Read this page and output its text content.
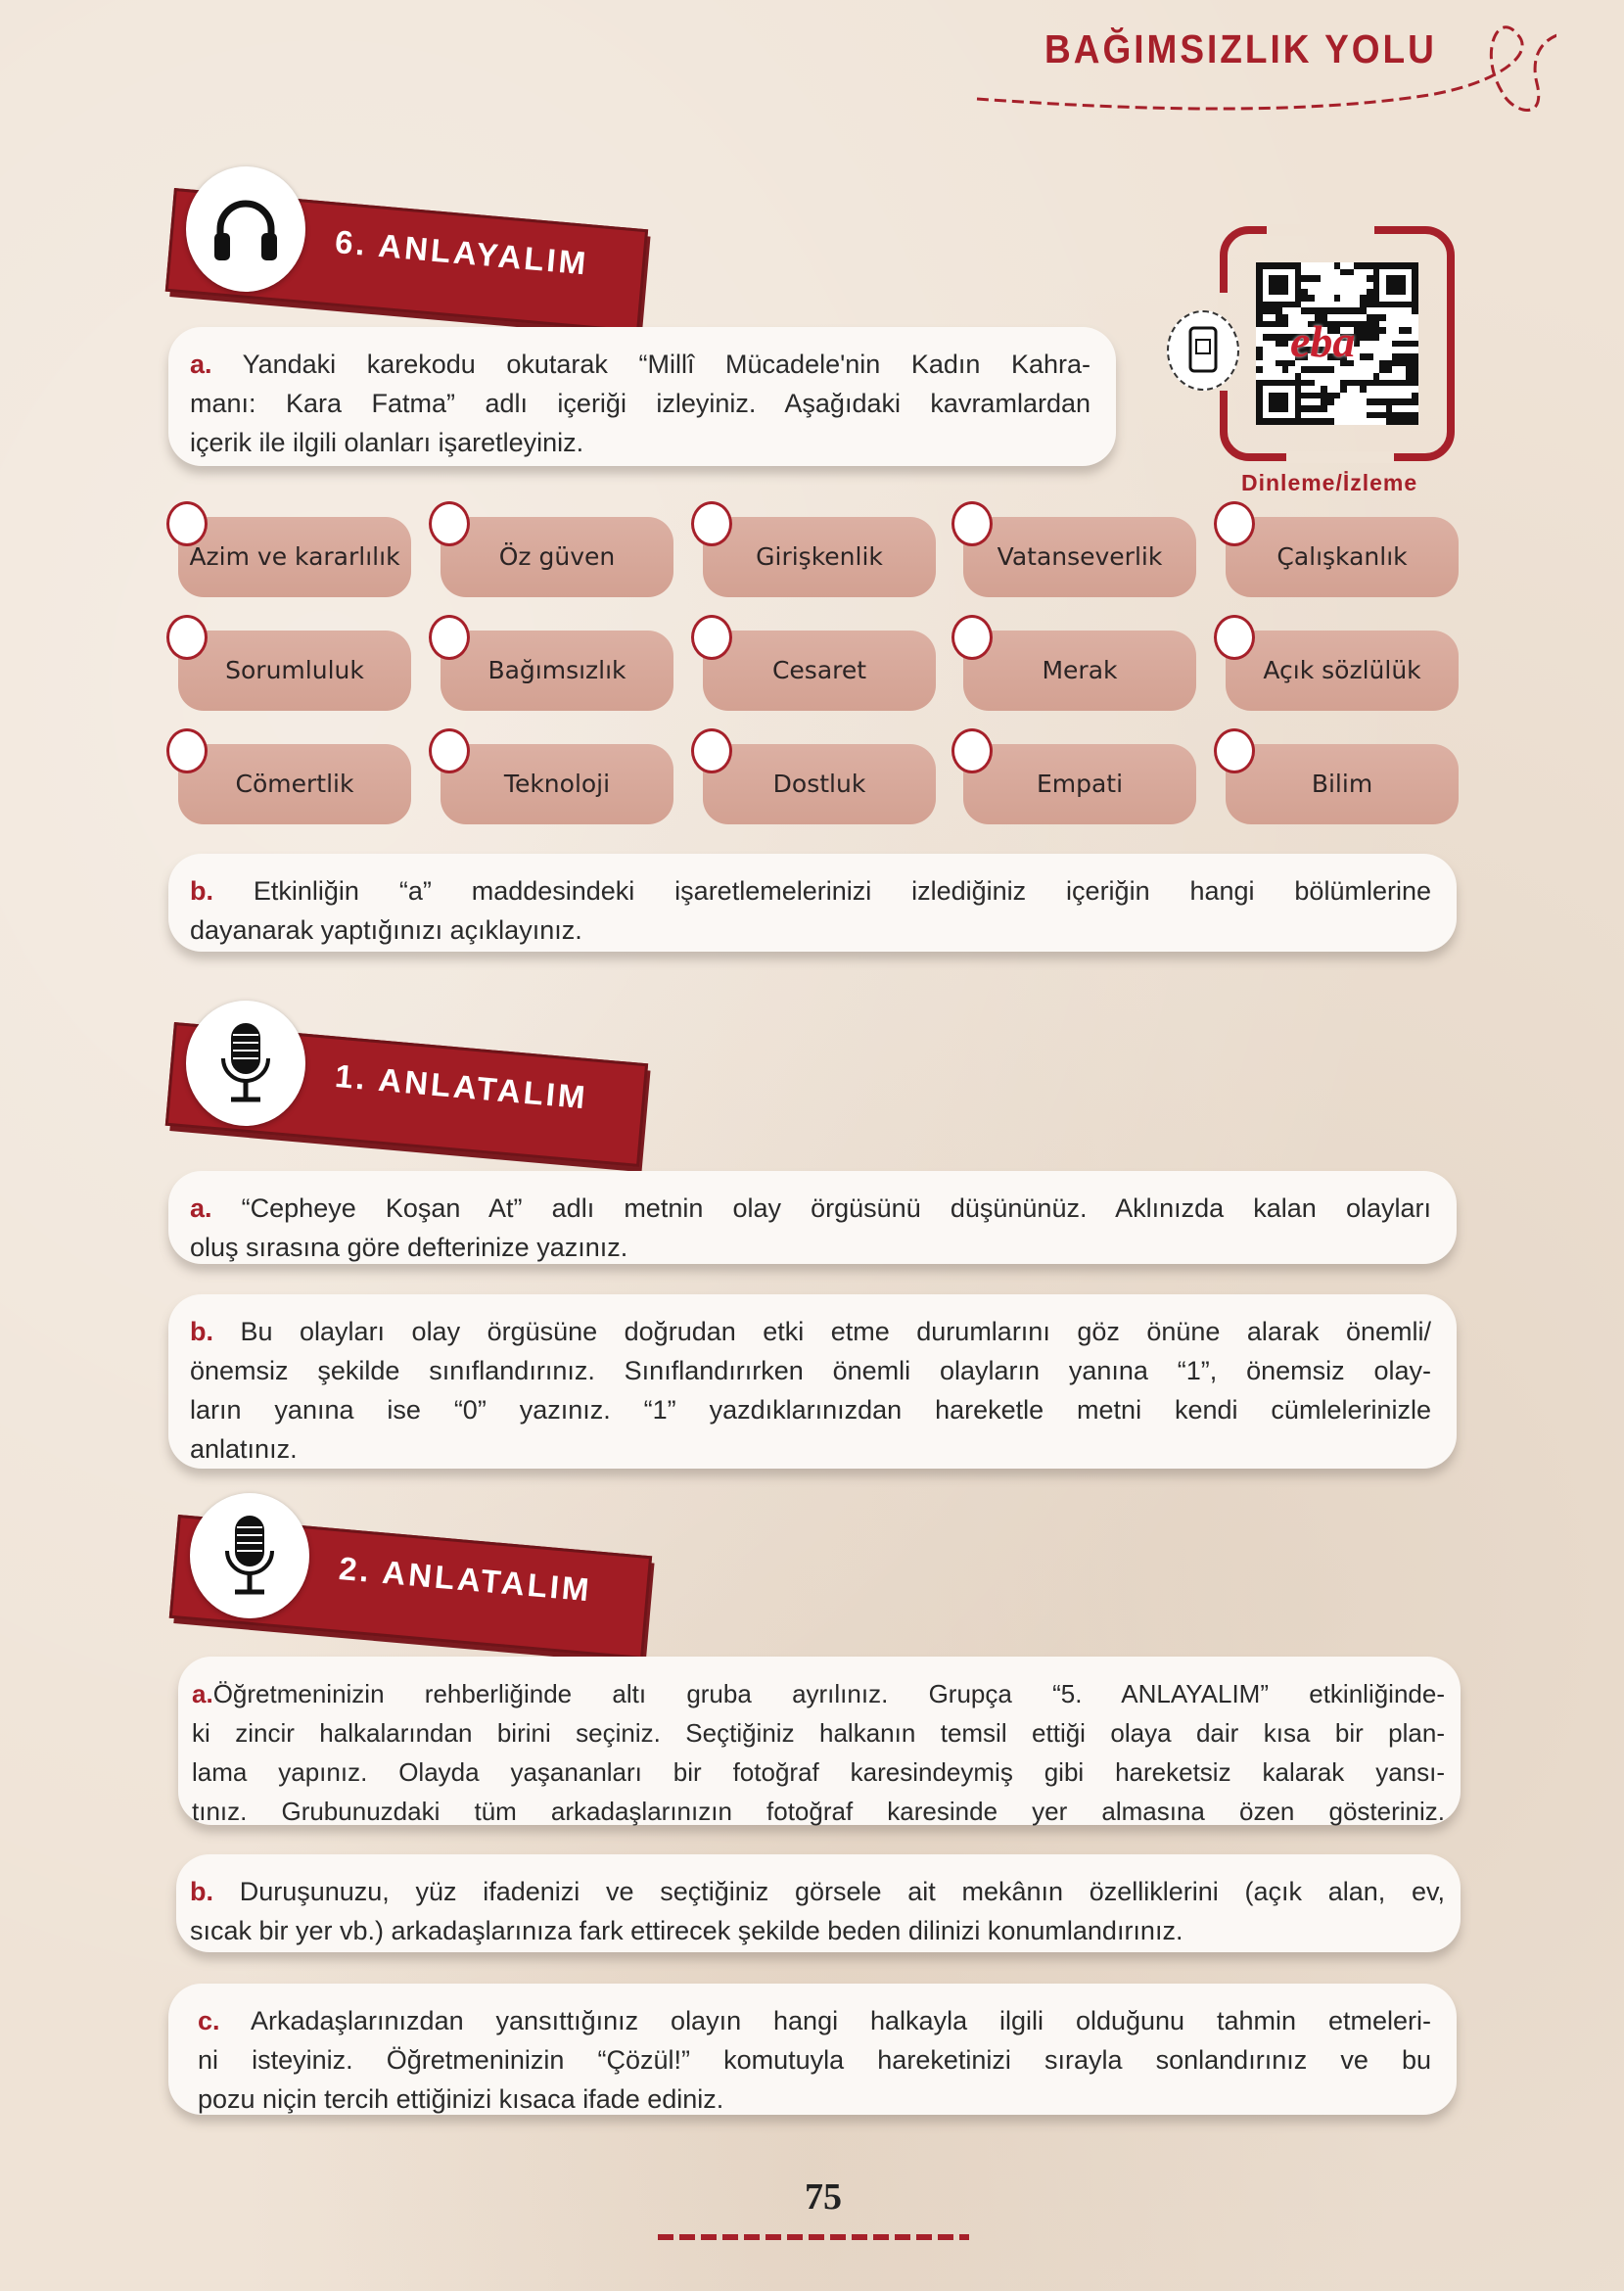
BAĞIMSIZLIK YOLU
6. ANLAYALIM
eba
Dinleme/İzleme
a. Yandaki karekodu okutarak “Millî Mücadele'nin Kadın Kahra-
manı: Kara Fatma” adlı içeriği izleyiniz. Aşağıdaki kavramlardan
içerik ile ilgili olanları işaretleyiniz.
Azim ve kararlılık	Öz güven	Girişkenlik	Vatanseverlik	Çalışkanlık
Sorumluluk	Bağımsızlık	Cesaret	Merak	Açık sözlülük
Cömertlik	Teknoloji	Dostluk	Empati	Bilim
b. Etkinliğin “a” maddesindeki işaretlemelerinizi izlediğiniz içeriğin hangi bölümlerine
dayanarak yaptığınızı açıklayınız.
1. ANLATALIM
a. “Cepheye Koşan At” adlı metnin olay örgüsünü düşününüz. Aklınızda kalan olayları
oluş sırasına göre defterinize yazınız.
b. Bu olayları olay örgüsüne doğrudan etki etme durumlarını göz önüne alarak önemli/
önemsiz şekilde sınıflandırınız. Sınıflandırırken önemli olayların yanına “1”, önemsiz olay-
ların yanına ise “0” yazınız. “1” yazdıklarınızdan hareketle metni kendi cümlelerinizle
anlatınız.
2. ANLATALIM
a.Öğretmeninizin rehberliğinde altı gruba ayrılınız. Grupça “5. ANLAYALIM” etkinliğinde-
ki zincir halkalarından birini seçiniz. Seçtiğiniz halkanın temsil ettiği olaya dair kısa bir plan-
lama yapınız. Olayda yaşananları bir fotoğraf karesindeymiş gibi hareketsiz kalarak yansı-
tınız. Grubunuzdaki tüm arkadaşlarınızın fotoğraf karesinde yer almasına özen gösteriniz.
b. Duruşunuzu, yüz ifadenizi ve seçtiğiniz görsele ait mekânın özelliklerini (açık alan, ev,
sıcak bir yer vb.) arkadaşlarınıza fark ettirecek şekilde beden dilinizi konumlandırınız.
c. Arkadaşlarınızdan yansıttığınız olayın hangi halkayla ilgili olduğunu tahmin etmeleri-
ni isteyiniz. Öğretmeninizin “Çözül!” komutuyla hareketinizi sırayla sonlandırınız ve bu
pozu niçin tercih ettiğinizi kısaca ifade ediniz.
75
